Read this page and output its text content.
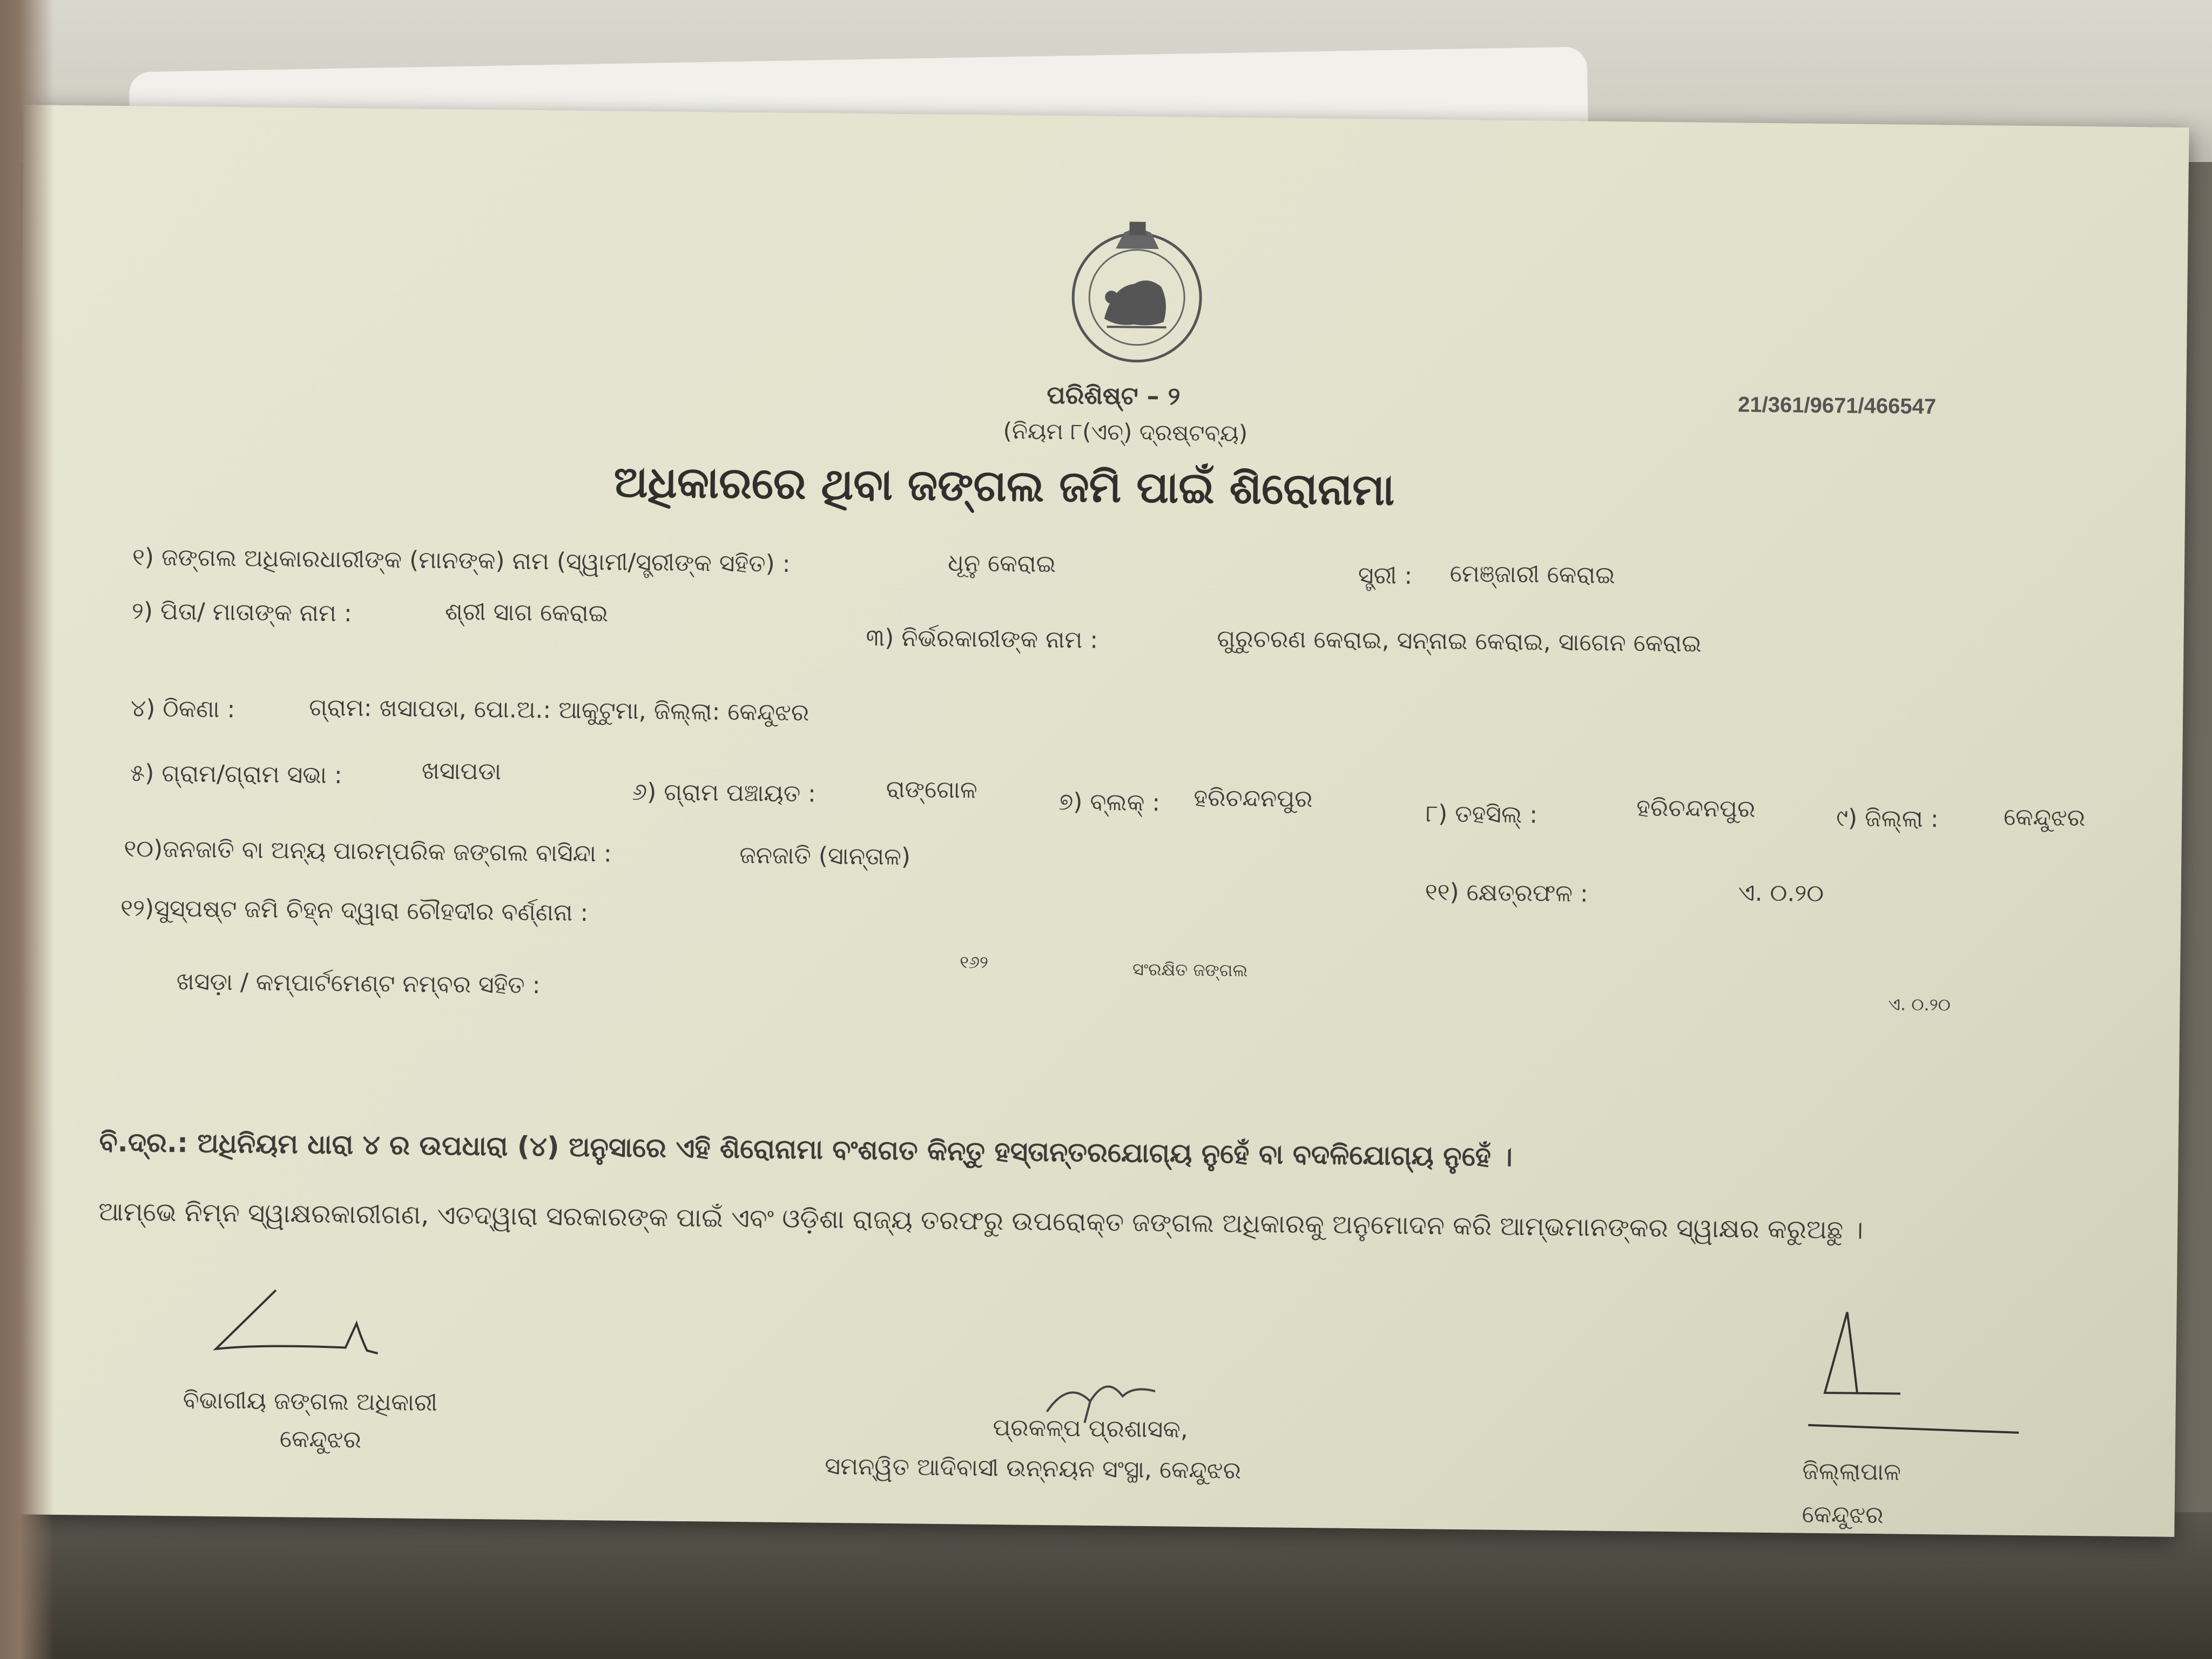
21/361/9671/466547
ପରିଶିଷ୍ଟ – ୨
(ନିୟମ ୮(ଏଚ୍) ଦ୍ରଷ୍ଟବ୍ୟ)
ଅଧିକାରରେ ଥିବା ଜଙ୍ଗଲ ଜମି ପାଇଁ ଶିରୋନାମା
୧) ଜଙ୍ଗଲ ଅଧିକାରଧାରୀଙ୍କ (ମାନଙ୍କ) ନାମ (ସ୍ୱାମୀ/ସ୍ତ୍ରୀଙ୍କ ସହିତ) :	ଧୂନୁ କେରାଇ	ସ୍ତ୍ରୀ : ମେଞ୍ଜାରୀ କେରାଇ
୨) ପିତା/ ମାତାଙ୍କ ନାମ :	ଶ୍ରୀ ସାଗ କେରାଇ
୩) ନିର୍ଭରକାରୀଙ୍କ ନାମ :	ଗୁରୁଚରଣ କେରାଇ, ସନ୍ନାଇ କେରାଇ, ସାଗେନ କେରାଇ
୪) ଠିକଣା :	ଗ୍ରାମ: ଖସାପଡା, ପୋ.ଅ.: ଆକୁଟୁମା, ଜିଲ୍ଲା: କେନ୍ଦୁଝର
୫) ଗ୍ରାମ/ଗ୍ରାମ ସଭା :	ଖସାପଡା
୬) ଗ୍ରାମ ପଞ୍ଚାୟତ :	ରାଙ୍ଗୋଳ	୭) ବ୍ଲକ୍ : ହରିଚନ୍ଦନପୁର
୮) ତହସିଲ୍ :	ହରିଚନ୍ଦନପୁର	୯) ଜିଲ୍ଲା :	କେନ୍ଦୁଝର
୧୦)ଜନଜାତି ବା ଅନ୍ୟ ପାରମ୍ପରିକ ଜଙ୍ଗଲ ବାସିନ୍ଦା :	ଜନଜାତି (ସାନ୍ତାଳ)
୧୧) କ୍ଷେତ୍ରଫଳ :	ଏ. ୦.୨୦
୧୨)ସୁସ୍ପଷ୍ଟ ଜମି ଚିହ୍ନ ଦ୍ୱାରା ଚୌହଦୀର ବର୍ଣ୍ଣନା :
ଖସଡ଼ା / କମ୍ପାର୍ଟମେଣ୍ଟ ନମ୍ବର ସହିତ :
୧୬୨	ସଂରକ୍ଷିତ ଜଙ୍ଗଲ
ଏ. ୦.୨୦
ବି.ଦ୍ର.: ଅଧିନିୟମ ଧାରା ୪ ର ଉପଧାରା (୪) ଅନୁସାରେ ଏହି ଶିରୋନାମା ବଂଶଗତ କିନ୍ତୁ ହସ୍ତାନ୍ତରଯୋଗ୍ୟ ନୁହେଁ ବା ବଦଳିଯୋଗ୍ୟ ନୁହେଁ ।
ଆମ୍ଭେ ନିମ୍ନ ସ୍ୱାକ୍ଷରକାରୀଗଣ, ଏତଦ୍ୱାରା ସରକାରଙ୍କ ପାଇଁ ଏବଂ ଓଡ଼ିଶା ରାଜ୍ୟ ତରଫରୁ ଉପରୋକ୍ତ ଜଙ୍ଗଲ ଅଧିକାରକୁ ଅନୁମୋଦନ କରି ଆମ୍ଭମାନଙ୍କର ସ୍ୱାକ୍ଷର କରୁଅଛୁ ।
ବିଭାଗୀୟ ଜଙ୍ଗଲ ଅଧିକାରୀ
କେନ୍ଦୁଝର	ପ୍ରକଳ୍ପ ପ୍ରଶାସକ,
ସମନ୍ୱିତ ଆଦିବାସୀ ଉନ୍ନୟନ ସଂସ୍ଥା, କେନ୍ଦୁଝର	ଜିଲ୍ଲାପାଳ
କେନ୍ଦୁଝର
